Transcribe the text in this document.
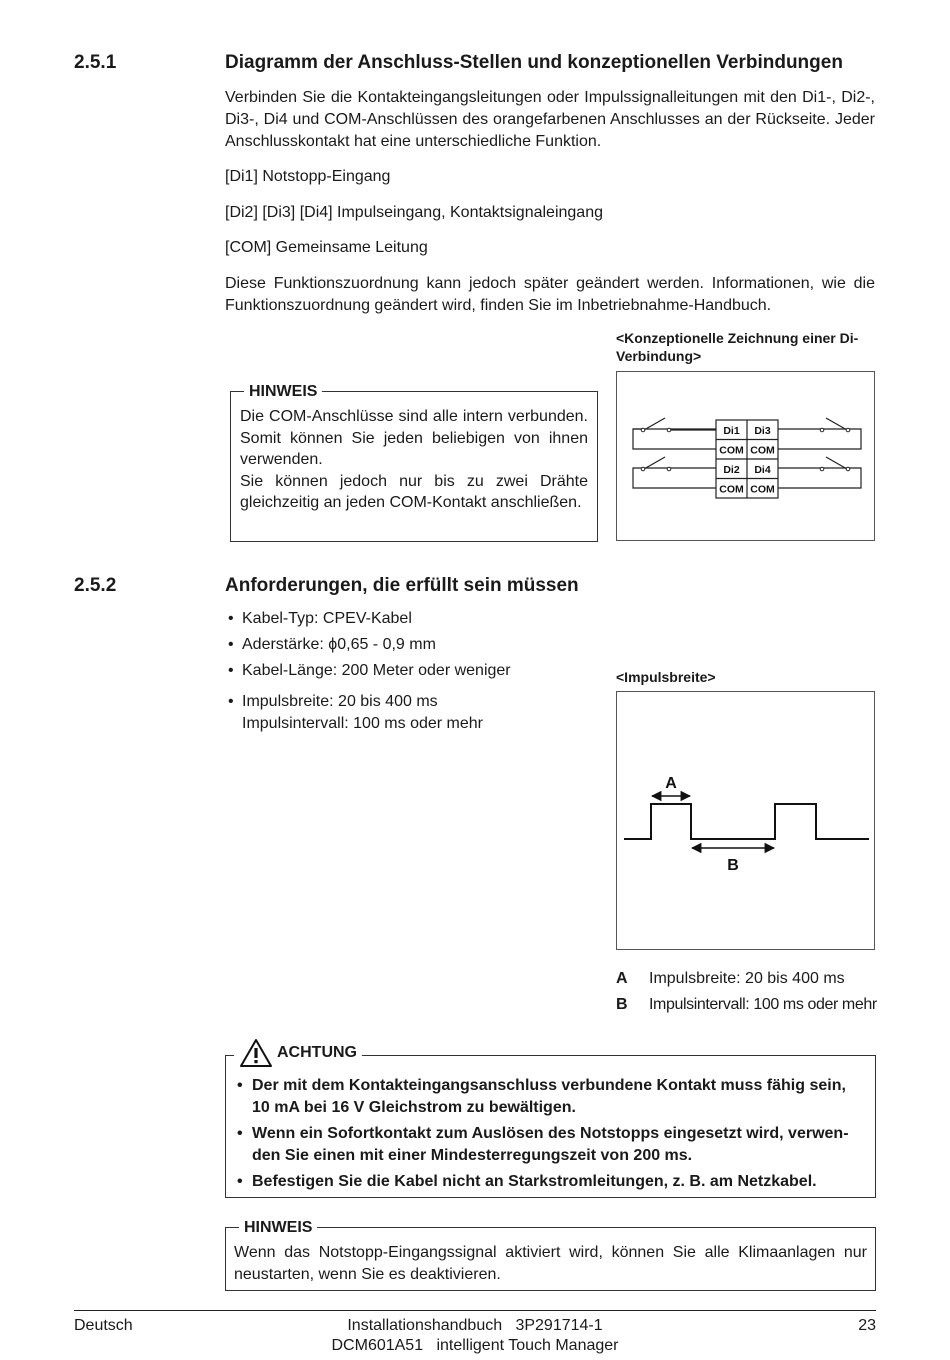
2.5.1	Diagramm der Anschluss-Stellen und konzeptionellen Verbindungen

Verbinden Sie die Kontakteingangsleitungen oder Impulssignalleitungen mit den Di1-, Di2-, Di3-, Di4 und COM-Anschlüssen des orangefarbenen Anschlusses an der Rückseite. Jeder Anschlusskontakt hat eine unterschiedliche Funktion.

[Di1] Notstopp-Eingang
[Di2] [Di3] [Di4] Impulseingang, Kontaktsignaleingang
[COM] Gemeinsame Leitung

Diese Funktionszuordnung kann jedoch später geändert werden. Informationen, wie die Funktionszuordnung geändert wird, finden Sie im Inbetriebnahme-Handbuch.

HINWEIS
Die COM-Anschlüsse sind alle intern verbunden. Somit können Sie jeden beliebigen von ihnen verwenden.
Sie können jedoch nur bis zu zwei Drähte gleichzeitig an jeden COM-Kontakt anschließen.
<Konzeptionelle Zeichnung einer Di-Verbindung>
Di1 Di3
COM COM
Di2 Di4
COM COM
2.5.2	Anforderungen, die erfüllt sein müssen
• Kabel-Typ: CPEV-Kabel
• Aderstärke: ϕ0,65 - 0,9 mm
• Kabel-Länge: 200 Meter oder weniger
• Impulsbreite: 20 bis 400 ms
Impulsintervall: 100 ms oder mehr
<Impulsbreite>
A
B
A Impulsbreite: 20 bis 400 ms
B Impulsintervall: 100 ms oder mehr
ACHTUNG
• Der mit dem Kontakteingangsanschluss verbundene Kontakt muss fähig sein, 10 mA bei 16 V Gleichstrom zu bewältigen.
• Wenn ein Sofortkontakt zum Auslösen des Notstopps eingesetzt wird, verwenden Sie einen mit einer Mindesterregungszeit von 200 ms.
• Befestigen Sie die Kabel nicht an Starkstromleitungen, z. B. am Netzkabel.
HINWEIS
Wenn das Notstopp-Eingangssignal aktiviert wird, können Sie alle Klimaanlagen nur neustarten, wenn Sie es deaktivieren.
Deutsch	Installationshandbuch   3P291714-1
DCM601A51   intelligent Touch Manager
23
